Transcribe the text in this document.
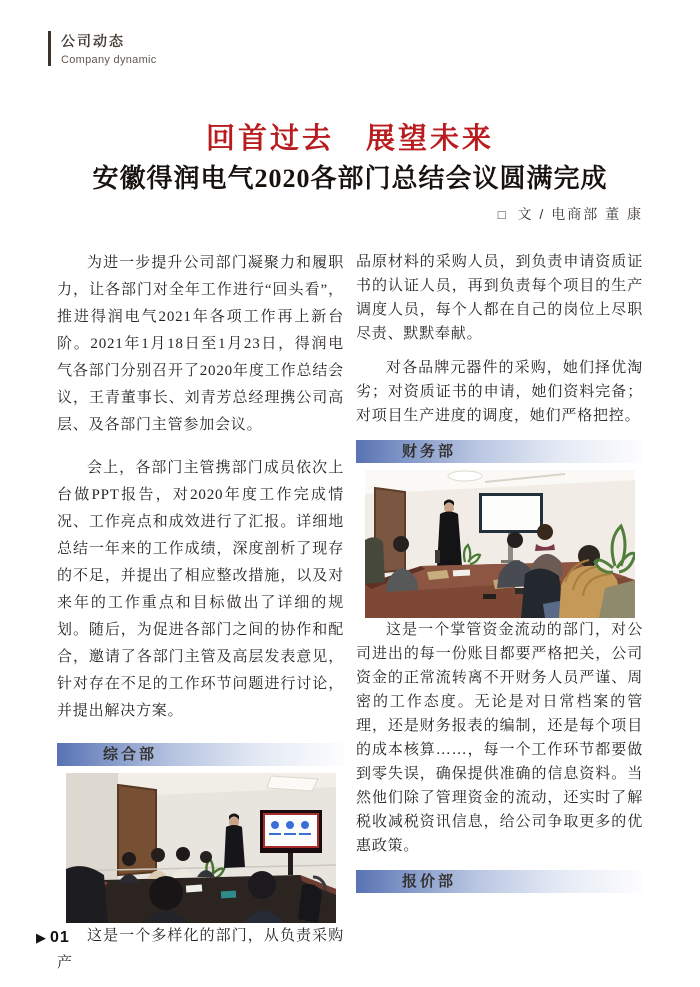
公司动态
Company dynamic
回首过去　展望未来
安徽得润电气2020各部门总结会议圆满完成
□ 文 / 电商部 董 康

为进一步提升公司部门凝聚力和履职力，让各部门对全年工作进行“回头看”，推进得润电气2021年各项工作再上新台阶。2021年1月18日至1月23日，得润电气各部门分别召开了2020年度工作总结会议，王青董事长、刘青芳总经理携公司高层、及各部门主管参加会议。

会上，各部门主管携部门成员依次上台做PPT报告，对2020年度工作完成情况、工作亮点和成效进行了汇报。详细地总结一年来的工作成绩，深度剖析了现存的不足，并提出了相应整改措施，以及对来年的工作重点和目标做出了详细的规划。随后，为促进各部门之间的协作和配合，邀请了各部门主管及高层发表意见，针对存在不足的工作环节问题进行讨论，并提出解决方案。

综合部

这是一个多样化的部门，从负责采购产

品原材料的采购人员，到负责申请资质证书的认证人员，再到负责每个项目的生产调度人员，每个人都在自己的岗位上尽职尽责、默默奉献。

对各品牌元器件的采购，她们择优淘劣；对资质证书的申请，她们资料完备；对项目生产进度的调度，她们严格把控。

财务部

这是一个掌管资金流动的部门，对公司进出的每一份账目都要严格把关，公司资金的正常流转离不开财务人员严谨、周密的工作态度。无论是对日常档案的管理，还是财务报表的编制，还是每个项目的成本核算……，每一个工作环节都要做到零失误，确保提供准确的信息资料。当然他们除了管理资金的流动，还实时了解税收减税资讯信息，给公司争取更多的优惠政策。

报价部
▶ 01
